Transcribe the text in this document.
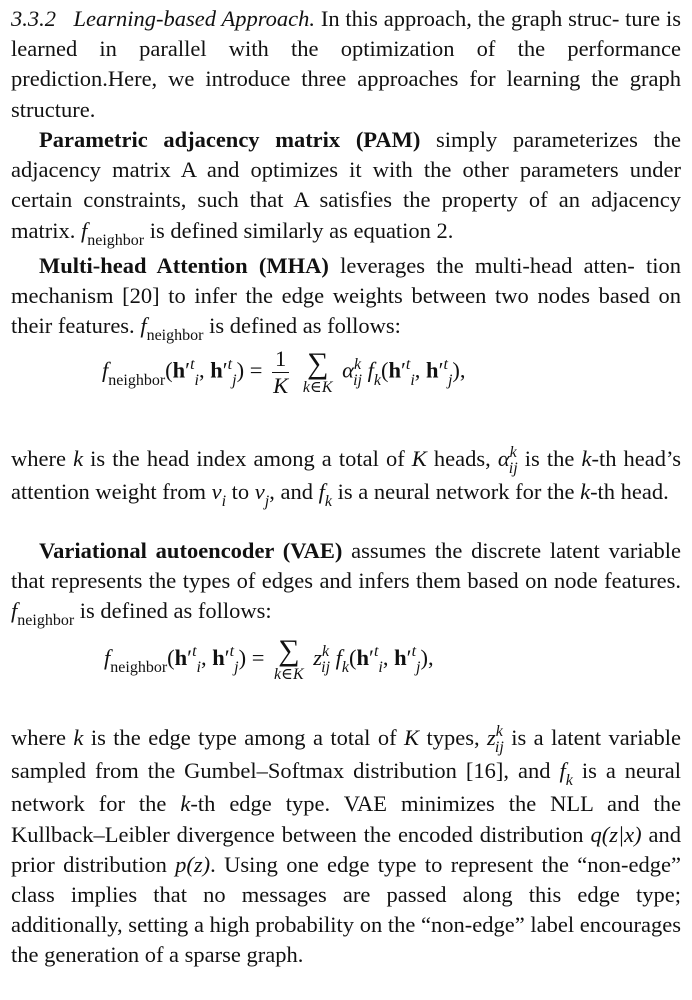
3.3.2 Learning-based Approach. In this approach, the graph struc- ture is learned in parallel with the optimization of the performance prediction.Here, we introduce three approaches for learning the graph structure.

Parametric adjacency matrix (PAM) simply parameterizes the adjacency matrix A and optimizes it with the other parameters under certain constraints, such that A satisfies the property of an adjacency matrix. $f_{neighbor}$ is defined similarly as equation 2.

Multi-head Attention (MHA) leverages the multi-head atten- tion mechanism [20] to infer the edge weights between two nodes based on their features. $f_{neighbor}$ is defined as follows:

$f_{neighbor}(h'^t_i$, $h'^t_j) = \frac{1}{K}$
∑
k∈K
$\alpha^k_{ij}$ $f_k(h'^t_i$, $h'^t_j$),

where k is the head index among a total of K heads, $\alpha^k_{ij}$ is the k-th head’s attention weight from $v_i$ to $v_j$, and $f_k$ is a neural network for the k-th head.

Variational autoencoder (VAE) assumes the discrete latent variable that represents the types of edges and infers them based on node features. $f_{neighbor}$ is defined as follows:

$f_{neighbor}(h'^t_i$, $h'^t_j$) = ∑
k∈K
$z^k_{ij}$ $f_k(h'^t_i$, $h'^t_j$),

where k is the edge type among a total of K types, $z^k_{ij}$ is a latent variable sampled from the Gumbel–Softmax distribution [16], and $f_k$ is a neural network for the k-th edge type. VAE minimizes the NLL and the Kullback–Leibler divergence between the encoded distribution q(z|x) and prior distribution p(z). Using one edge type to represent the “non-edge” class implies that no messages are passed along this edge type; additionally, setting a high probability on the “non-edge” label encourages the generation of a sparse graph.
